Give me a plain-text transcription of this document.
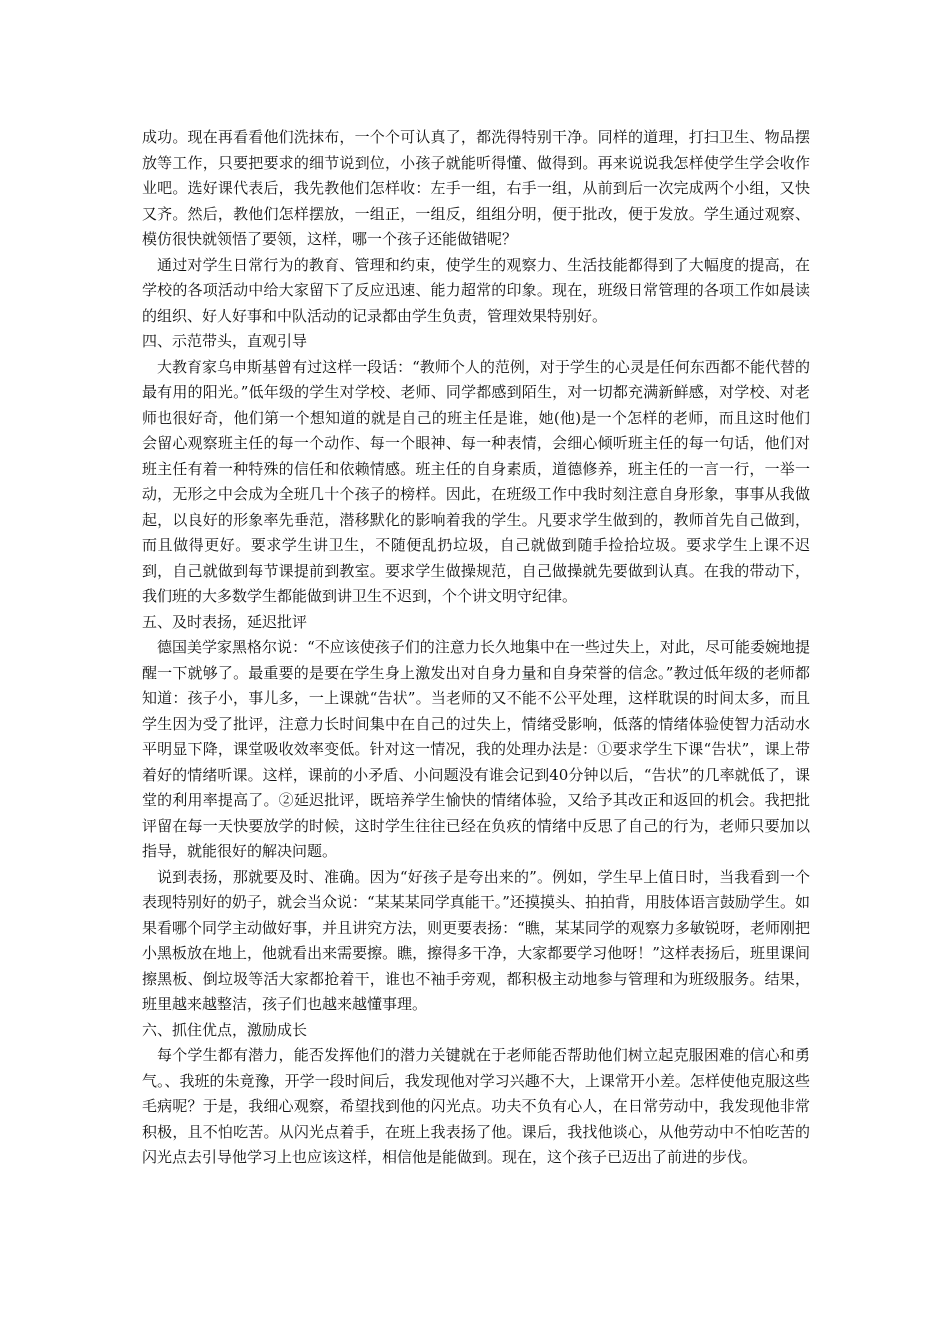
成功。现在再看看他们洗抹布，一个个可认真了，都洗得特别干净。同样的道理，打扫卫生、物品摆放等工作，只要把要求的细节说到位，小孩子就能听得懂、做得到。再来说说我怎样使学生学会收作业吧。选好课代表后，我先教他们怎样收：左手一组，右手一组，从前到后一次完成两个小组，又快又齐。然后，教他们怎样摆放，一组正，一组反，组组分明，便于批改，便于发放。学生通过观察、模仿很快就领悟了要领，这样，哪一个孩子还能做错呢？

通过对学生日常行为的教育、管理和约束，使学生的观察力、生活技能都得到了大幅度的提高，在学校的各项活动中给大家留下了反应迅速、能力超常的印象。现在，班级日常管理的各项工作如晨读的组织、好人好事和中队活动的记录都由学生负责，管理效果特别好。

四、示范带头，直观引导

大教育家乌申斯基曾有过这样一段话：“教师个人的范例，对于学生的心灵是任何东西都不能代替的最有用的阳光。”低年级的学生对学校、老师、同学都感到陌生，对一切都充满新鲜感，对学校、对老师也很好奇，他们第一个想知道的就是自己的班主任是谁，她(他)是一个怎样的老师，而且这时他们会留心观察班主任的每一个动作、每一个眼神、每一种表情，会细心倾听班主任的每一句话，他们对班主任有着一种特殊的信任和依赖情感。班主任的自身素质，道德修养，班主任的一言一行，一举一动，无形之中会成为全班几十个孩子的榜样。因此，在班级工作中我时刻注意自身形象，事事从我做起，以良好的形象率先垂范，潜移默化的影响着我的学生。凡要求学生做到的，教师首先自己做到，而且做得更好。要求学生讲卫生，不随便乱扔垃圾，自己就做到随手捡拾垃圾。要求学生上课不迟到，自己就做到每节课提前到教室。要求学生做操规范，自己做操就先要做到认真。在我的带动下，我们班的大多数学生都能做到讲卫生不迟到，个个讲文明守纪律。

五、及时表扬，延迟批评

德国美学家黑格尔说：“不应该使孩子们的注意力长久地集中在一些过失上，对此，尽可能委婉地提醒一下就够了。最重要的是要在学生身上激发出对自身力量和自身荣誉的信念。”教过低年级的老师都知道：孩子小，事儿多，一上课就“告状”。当老师的又不能不公平处理，这样耽误的时间太多，而且学生因为受了批评，注意力长时间集中在自己的过失上，情绪受影响，低落的情绪体验使智力活动水平明显下降，课堂吸收效率变低。针对这一情况，我的处理办法是：①要求学生下课“告状”，课上带着好的情绪听课。这样，课前的小矛盾、小问题没有谁会记到40分钟以后，“告状”的几率就低了，课堂的利用率提高了。②延迟批评，既培养学生愉快的情绪体验，又给予其改正和返回的机会。我把批评留在每一天快要放学的时候，这时学生往往已经在负疚的情绪中反思了自己的行为，老师只要加以指导，就能很好的解决问题。

说到表扬，那就要及时、准确。因为“好孩子是夸出来的”。例如，学生早上值日时，当我看到一个表现特别好的奶子，就会当众说：“某某某同学真能干。”还摸摸头、拍拍背，用肢体语言鼓励学生。如果看哪个同学主动做好事，并且讲究方法，则更要表扬：“瞧，某某同学的观察力多敏锐呀，老师刚把小黑板放在地上，他就看出来需要擦。瞧，擦得多干净，大家都要学习他呀！”这样表扬后，班里课间擦黑板、倒垃圾等活大家都抢着干，谁也不袖手旁观，都积极主动地参与管理和为班级服务。结果，班里越来越整洁，孩子们也越来越懂事理。

六、抓住优点，激励成长

每个学生都有潜力，能否发挥他们的潜力关键就在于老师能否帮助他们树立起克服困难的信心和勇气。、我班的朱竟豫，开学一段时间后，我发现他对学习兴趣不大，上课常开小差。怎样使他克服这些毛病呢？于是，我细心观察，希望找到他的闪光点。功夫不负有心人，在日常劳动中，我发现他非常积极，且不怕吃苦。从闪光点着手，在班上我表扬了他。课后，我找他谈心，从他劳动中不怕吃苦的闪光点去引导他学习上也应该这样，相信他是能做到。现在，这个孩子已迈出了前进的步伐。
